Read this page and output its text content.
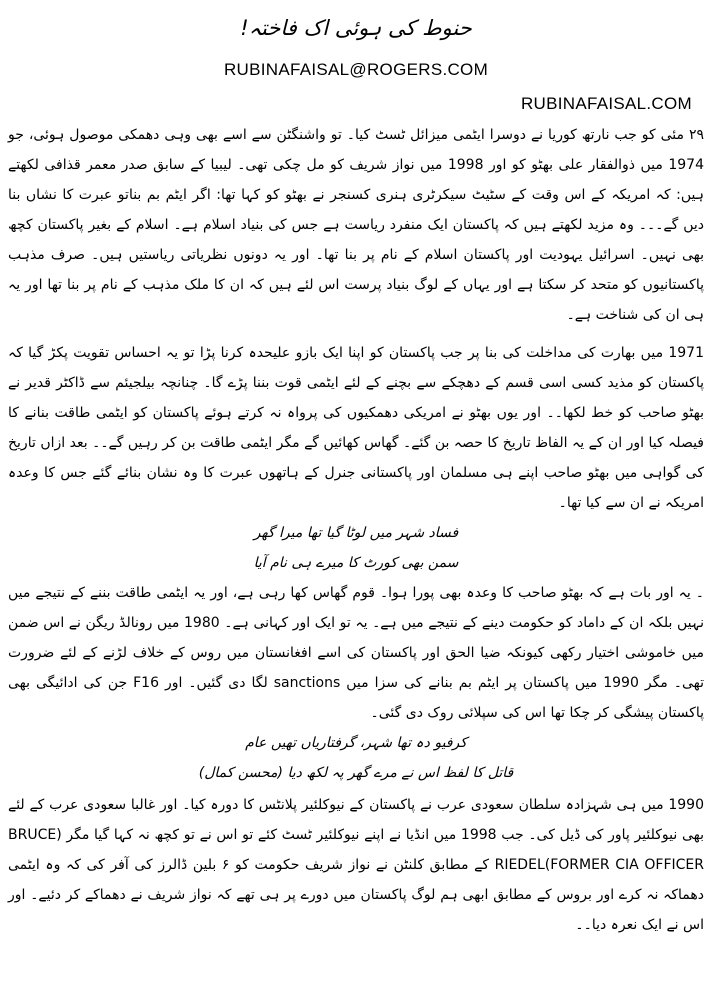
حنوط کی ہوئی اک فاختہ!
RUBINAFAISAL@ROGERS.COM
RUBINAFAISAL.COM

۲۹ مئی کو جب نارتھ کوریا نے دوسرا ایٹمی میزائل ٹسٹ کیا۔ تو واشنگٹن سے اسے بھی وہی دھمکی موصول ہوئی، جو 1974 میں ذوالفقار علی بھٹو کو اور 1998 میں نواز شریف کو مل چکی تھی۔ لیبیا کے سابق صدر معمر قذافی لکھتے ہیں: کہ امریکہ کے اس وقت کے سٹیٹ سیکرٹری ہنری کسنجر نے بھٹو کو کہا تھا: اگر ایٹم بم بناتو عبرت کا نشاں بنا دیں گے۔۔۔ وہ مزید لکھتے ہیں کہ پاکستان ایک منفرد ریاست ہے جس کی بنیاد اسلام ہے۔ اسلام کے بغیر پاکستان کچھ بھی نہیں۔ اسرائیل یہودیت اور پاکستان اسلام کے نام پر بنا تھا۔ اور یہ دونوں نظریاتی ریاستیں ہیں۔ صرف مذہب پاکستانیوں کو متحد کر سکتا ہے اور یہاں کے لوگ بنیاد پرست اس لئے ہیں کہ ان کا ملک مذہب کے نام پر بنا تھا اور یہ ہی ان کی شناخت ہے۔

1971 میں بھارت کی مداخلت کی بنا پر جب پاکستان کو اپنا ایک بازو علیحدہ کرنا پڑا تو یہ احساس تقویت پکڑ گیا کہ پاکستان کو مذید کسی اسی قسم کے دھچکے سے بچنے کے لئے ایٹمی قوت بننا پڑے گا۔ چنانچہ بیلجیئم سے ڈاکٹر قدیر نے بھٹو صاحب کو خط لکھا۔۔ اور یوں بھٹو نے امریکی دھمکیوں کی پرواہ نہ کرتے ہوئے پاکستان کو ایٹمی طاقت بنانے کا فیصلہ کیا اور ان کے یہ الفاظ تاریخ کا حصہ بن گئے۔ گھاس کھائیں گے مگر ایٹمی طاقت بن کر رہیں گے۔۔ بعد ازاں تاریخ کی گواہی میں بھٹو صاحب اپنے ہی مسلمان اور پاکستانی جنرل کے ہاتھوں عبرت کا وہ نشان بنائے گئے جس کا وعدہ امریکہ نے ان سے کیا تھا۔

فساد شہر میں لوٹا گیا تھا میرا گھر

سمن بھی کورٹ کا میرے ہی نام آیا

۔ یہ اور بات ہے کہ بھٹو صاحب کا وعدہ بھی پورا ہوا۔ قوم گھاس کھا رہی ہے، اور یہ ایٹمی طاقت بننے کے نتیجے میں نہیں بلکہ ان کے داماد کو حکومت دینے کے نتیجے میں ہے۔ یہ تو ایک اور کہانی ہے۔ 1980 میں رونالڈ ریگن نے اس ضمن میں خاموشی اختیار رکھی کیونکہ ضیا الحق اور پاکستان کی اسے افغانستان میں روس کے خلاف لڑنے کے لئے ضرورت تھی۔ مگر 1990 میں پاکستان پر ایٹم بم بنانے کی سزا میں sanctions لگا دی گئیں۔ اور F16 جن کی ادائیگی بھی پاکستان پیشگی کر چکا تھا اس کی سپلائی روک دی گئی۔

کرفیو دہ تھا شہر، گرفتاریاں تھیں عام

قاتل کا لفظ اس نے مرے گھر پہ لکھ دیا (محسن کمال)

1990 میں ہی شہزادہ سلطان سعودی عرب نے پاکستان کے نیوکلئیر پلانٹس کا دورہ کیا۔ اور غالبا سعودی عرب کے لئے بھی نیوکلئیر پاور کی ڈیل کی۔ جب 1998 میں انڈیا نے اپنے نیوکلئیر ٹسٹ کئے تو اس نے تو کچھ نہ کہا گیا مگر (BRUCE RIEDEL(FORMER CIA OFFICER کے مطابق کلنٹن نے نواز شریف حکومت کو ۶ بلین ڈالرز کی آفر کی کہ وہ ایٹمی دھماکہ نہ کرے اور بروس کے مطابق ابھی ہم لوگ پاکستان میں دورے پر ہی تھے کہ نواز شریف نے دھماکے کر دئیے۔ اور اس نے ایک نعرہ دیا۔۔
